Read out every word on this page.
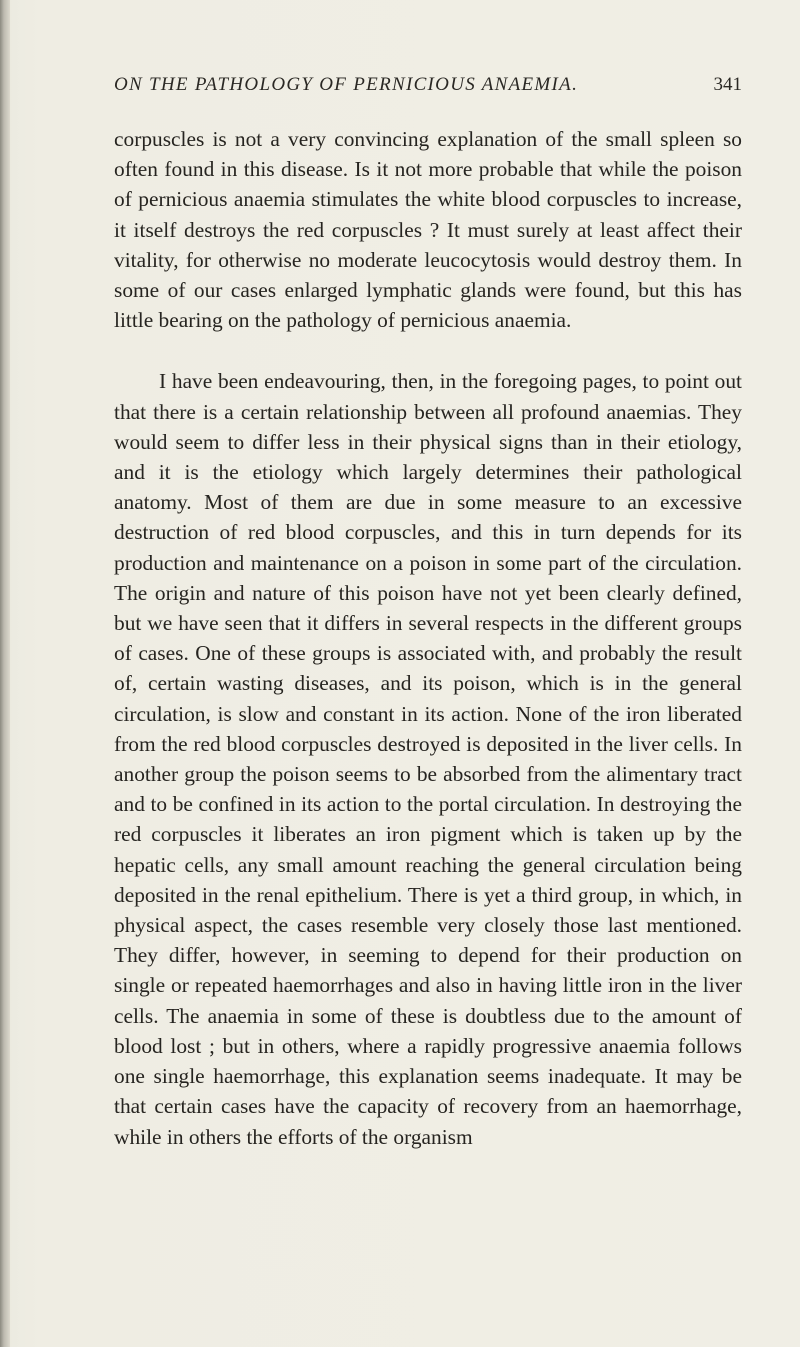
ON THE PATHOLOGY OF PERNICIOUS ANAEMIA.	341

corpuscles is not a very convincing explanation of the small spleen so often found in this disease. Is it not more probable that while the poison of pernicious anaemia stimulates the white blood corpuscles to increase, it itself destroys the red corpuscles ? It must surely at least affect their vitality, for otherwise no moderate leucocytosis would destroy them. In some of our cases enlarged lymphatic glands were found, but this has little bearing on the pathology of pernicious anaemia.

I have been endeavouring, then, in the foregoing pages, to point out that there is a certain relationship between all profound anaemias. They would seem to differ less in their physical signs than in their etiology, and it is the etiology which largely determines their pathological anatomy. Most of them are due in some measure to an excessive destruction of red blood corpuscles, and this in turn depends for its production and maintenance on a poison in some part of the circulation. The origin and nature of this poison have not yet been clearly defined, but we have seen that it differs in several respects in the different groups of cases. One of these groups is associated with, and probably the result of, certain wasting diseases, and its poison, which is in the general circulation, is slow and constant in its action. None of the iron liberated from the red blood corpuscles destroyed is deposited in the liver cells. In another group the poison seems to be absorbed from the alimentary tract and to be confined in its action to the portal circulation. In destroying the red corpuscles it liberates an iron pigment which is taken up by the hepatic cells, any small amount reaching the general circulation being deposited in the renal epithelium. There is yet a third group, in which, in physical aspect, the cases resemble very closely those last mentioned. They differ, however, in seeming to depend for their production on single or repeated haemorrhages and also in having little iron in the liver cells. The anaemia in some of these is doubtless due to the amount of blood lost ; but in others, where a rapidly progressive anaemia follows one single haemorrhage, this explanation seems inadequate. It may be that certain cases have the capacity of recovery from an haemorrhage, while in others the efforts of the organism
